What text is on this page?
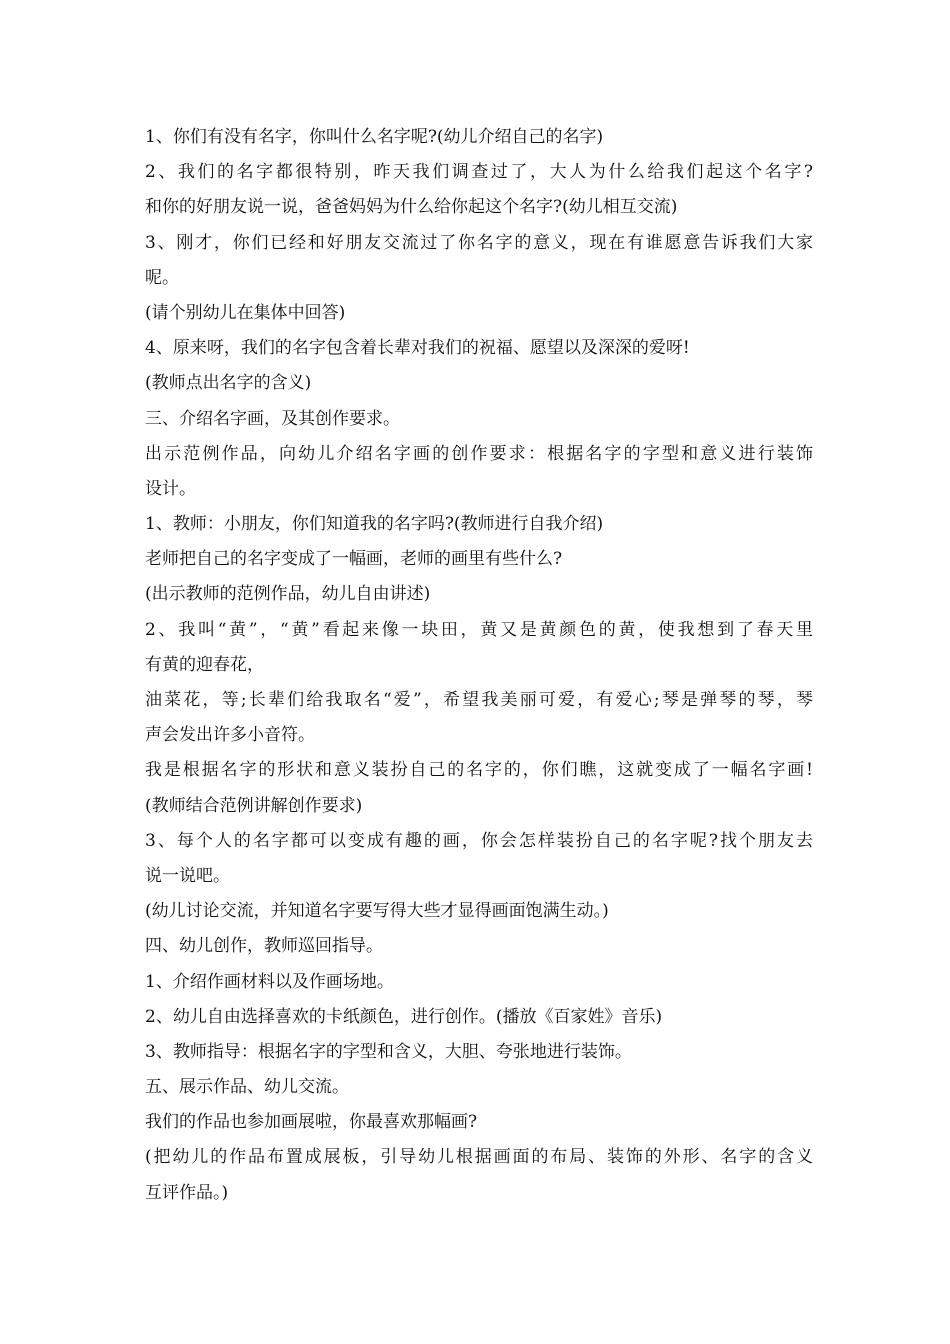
1、你们有没有名字，你叫什么名字呢?(幼儿介绍自己的名字)
2、我们的名字都很特别，昨天我们调查过了，大人为什么给我们起这个名字?
和你的好朋友说一说，爸爸妈妈为什么给你起这个名字?(幼儿相互交流)
3、刚才，你们已经和好朋友交流过了你名字的意义，现在有谁愿意告诉我们大家
呢。
(请个别幼儿在集体中回答)
4、原来呀，我们的名字包含着长辈对我们的祝福、愿望以及深深的爱呀!
(教师点出名字的含义)
三、介绍名字画，及其创作要求。
出示范例作品，向幼儿介绍名字画的创作要求：根据名字的字型和意义进行装饰
设计。
1、教师：小朋友，你们知道我的名字吗?(教师进行自我介绍)
老师把自己的名字变成了一幅画，老师的画里有些什么?
(出示教师的范例作品，幼儿自由讲述)
2、我叫“黄”，“黄”看起来像一块田，黄又是黄颜色的黄，使我想到了春天里
有黄的迎春花，
油菜花，等;长辈们给我取名“爱”，希望我美丽可爱，有爱心;琴是弹琴的琴，琴
声会发出许多小音符。
我是根据名字的形状和意义装扮自己的名字的，你们瞧，这就变成了一幅名字画!
(教师结合范例讲解创作要求)
3、每个人的名字都可以变成有趣的画，你会怎样装扮自己的名字呢?找个朋友去
说一说吧。
(幼儿讨论交流，并知道名字要写得大些才显得画面饱满生动。)
四、幼儿创作，教师巡回指导。
1、介绍作画材料以及作画场地。
2、幼儿自由选择喜欢的卡纸颜色，进行创作。(播放《百家姓》音乐)
3、教师指导：根据名字的字型和含义，大胆、夸张地进行装饰。
五、展示作品、幼儿交流。
我们的作品也参加画展啦，你最喜欢那幅画?
(把幼儿的作品布置成展板，引导幼儿根据画面的布局、装饰的外形、名字的含义
互评作品。)
